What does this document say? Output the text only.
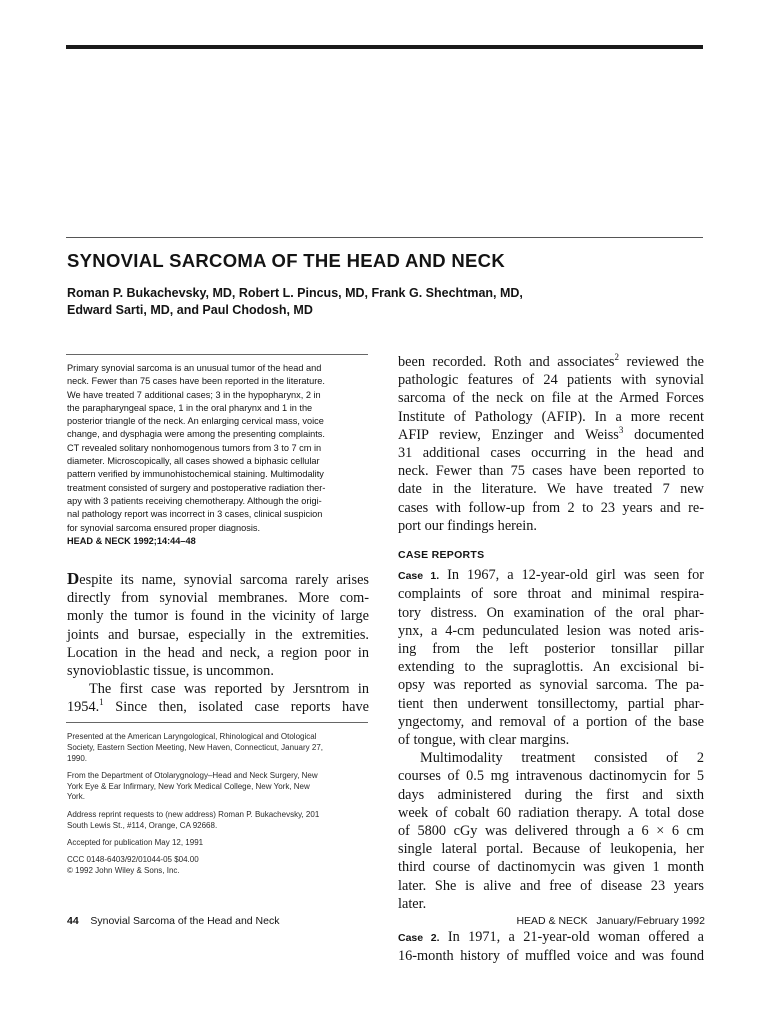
SYNOVIAL SARCOMA OF THE HEAD AND NECK
Roman P. Bukachevsky, MD, Robert L. Pincus, MD, Frank G. Shechtman, MD,
Edward Sarti, MD, and Paul Chodosh, MD
Primary synovial sarcoma is an unusual tumor of the head and
neck. Fewer than 75 cases have been reported in the literature.
We have treated 7 additional cases; 3 in the hypopharynx, 2 in
the parapharyngeal space, 1 in the oral pharynx and 1 in the
posterior triangle of the neck. An enlarging cervical mass, voice
change, and dysphagia were among the presenting complaints.
CT revealed solitary nonhomogenous tumors from 3 to 7 cm in
diameter. Microscopically, all cases showed a biphasic cellular
pattern verified by immunohistochemical staining. Multimodality
treatment consisted of surgery and postoperative radiation ther-
apy with 3 patients receiving chemotherapy. Although the origi-
nal pathology report was incorrect in 3 cases, clinical suspicion
for synovial sarcoma ensured proper diagnosis.
HEAD & NECK 1992;14:44–48
Despite its name, synovial sarcoma rarely arises
directly from synovial membranes. More com-
monly the tumor is found in the vicinity of large
joints and bursae, especially in the extremities.
Location in the head and neck, a region poor in
synovioblastic tissue, is uncommon.
The first case was reported by Jersntrom in
1954.$^1$ Since then, isolated case reports have
Presented at the American Laryngological, Rhinological and Otological
Society, Eastern Section Meeting, New Haven, Connecticut, January 27,
1990.
From the Department of Otolarygnology–Head and Neck Surgery, New
York Eye & Ear Infirmary, New York Medical College, New York, New
York.
Address reprint requests to (new address) Roman P. Bukachevsky, 201
South Lewis St., #114, Orange, CA 92668.
Accepted for publication May 12, 1991
CCC 0148-6403/92/01044-05 $04.00
© 1992 John Wiley & Sons, Inc.
been recorded. Roth and associates$^2$ reviewed the
pathologic features of 24 patients with synovial
sarcoma of the neck on file at the Armed Forces
Institute of Pathology (AFIP). In a more recent
AFIP review, Enzinger and Weiss$^3$ documented
31 additional cases occurring in the head and
neck. Fewer than 75 cases have been reported to
date in the literature. We have treated 7 new
cases with follow-up from 2 to 23 years and re-
port our findings herein.
CASE REPORTS
Case 1. In 1967, a 12-year-old girl was seen for
complaints of sore throat and minimal respira-
tory distress. On examination of the oral phar-
ynx, a 4-cm pedunculated lesion was noted aris-
ing from the left posterior tonsillar pillar
extending to the supraglottis. An excisional bi-
opsy was reported as synovial sarcoma. The pa-
tient then underwent tonsillectomy, partial phar-
yngectomy, and removal of a portion of the base
of tongue, with clear margins.
Multimodality treatment consisted of 2
courses of 0.5 mg intravenous dactinomycin for 5
days administered during the first and sixth
week of cobalt 60 radiation therapy. A total dose
of 5800 cGy was delivered through a 6 × 6 cm
single lateral portal. Because of leukopenia, her
third course of dactinomycin was given 1 month
later. She is alive and free of disease 23 years
later.
Case 2. In 1971, a 21-year-old woman offered a
16-month history of muffled voice and was found
44 Synovial Sarcoma of the Head and Neck	HEAD & NECK January/February 1992
